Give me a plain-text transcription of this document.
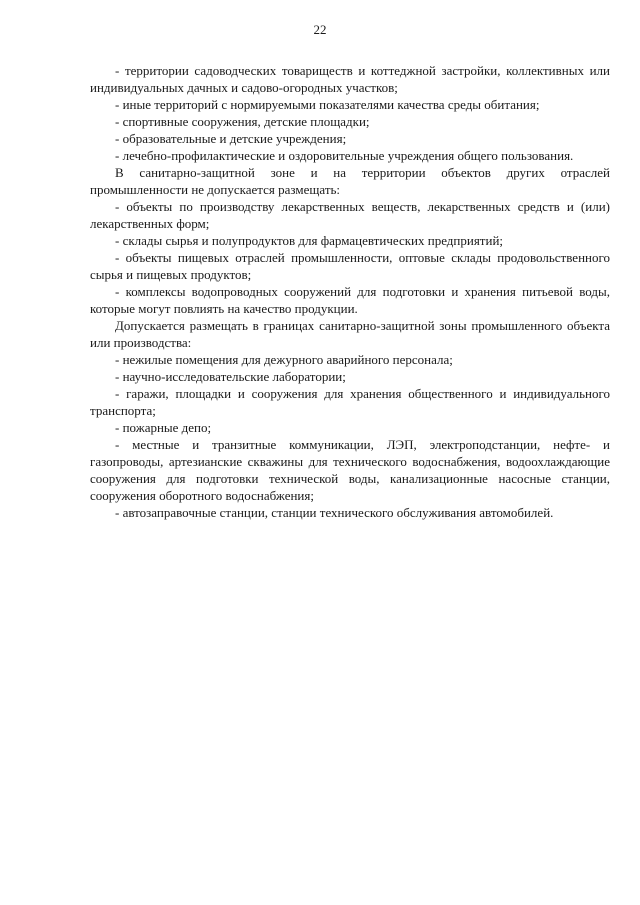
22

- территории садоводческих товариществ и коттеджной застройки, коллективных или индивидуальных дачных и садово-огородных участков;

- иные территорий с нормируемыми показателями качества среды обитания;

- спортивные сооружения, детские площадки;

- образовательные и детские учреждения;

- лечебно-профилактические и оздоровительные учреждения общего пользования.

В санитарно-защитной зоне и на территории объектов других отраслей промышленности не допускается размещать:

- объекты по производству лекарственных веществ, лекарственных средств и (или) лекарственных форм;

- склады сырья и полупродуктов для фармацевтических предприятий;

- объекты пищевых отраслей промышленности, оптовые склады продовольственного сырья и пищевых продуктов;

- комплексы водопроводных сооружений для подготовки и хранения питьевой воды, которые могут повлиять на качество продукции.

Допускается размещать в границах санитарно-защитной зоны промышленного объекта или производства:

- нежилые помещения для дежурного аварийного персонала;

- научно-исследовательские лаборатории;

- гаражи, площадки и сооружения для хранения общественного и индивидуального транспорта;

- пожарные депо;

- местные и транзитные коммуникации, ЛЭП, электроподстанции, нефте- и газопроводы, артезианские скважины для технического водоснабжения, водоохлаждающие сооружения для подготовки технической воды, канализационные насосные станции, сооружения оборотного водоснабжения;

- автозаправочные станции, станции технического обслуживания автомобилей.
